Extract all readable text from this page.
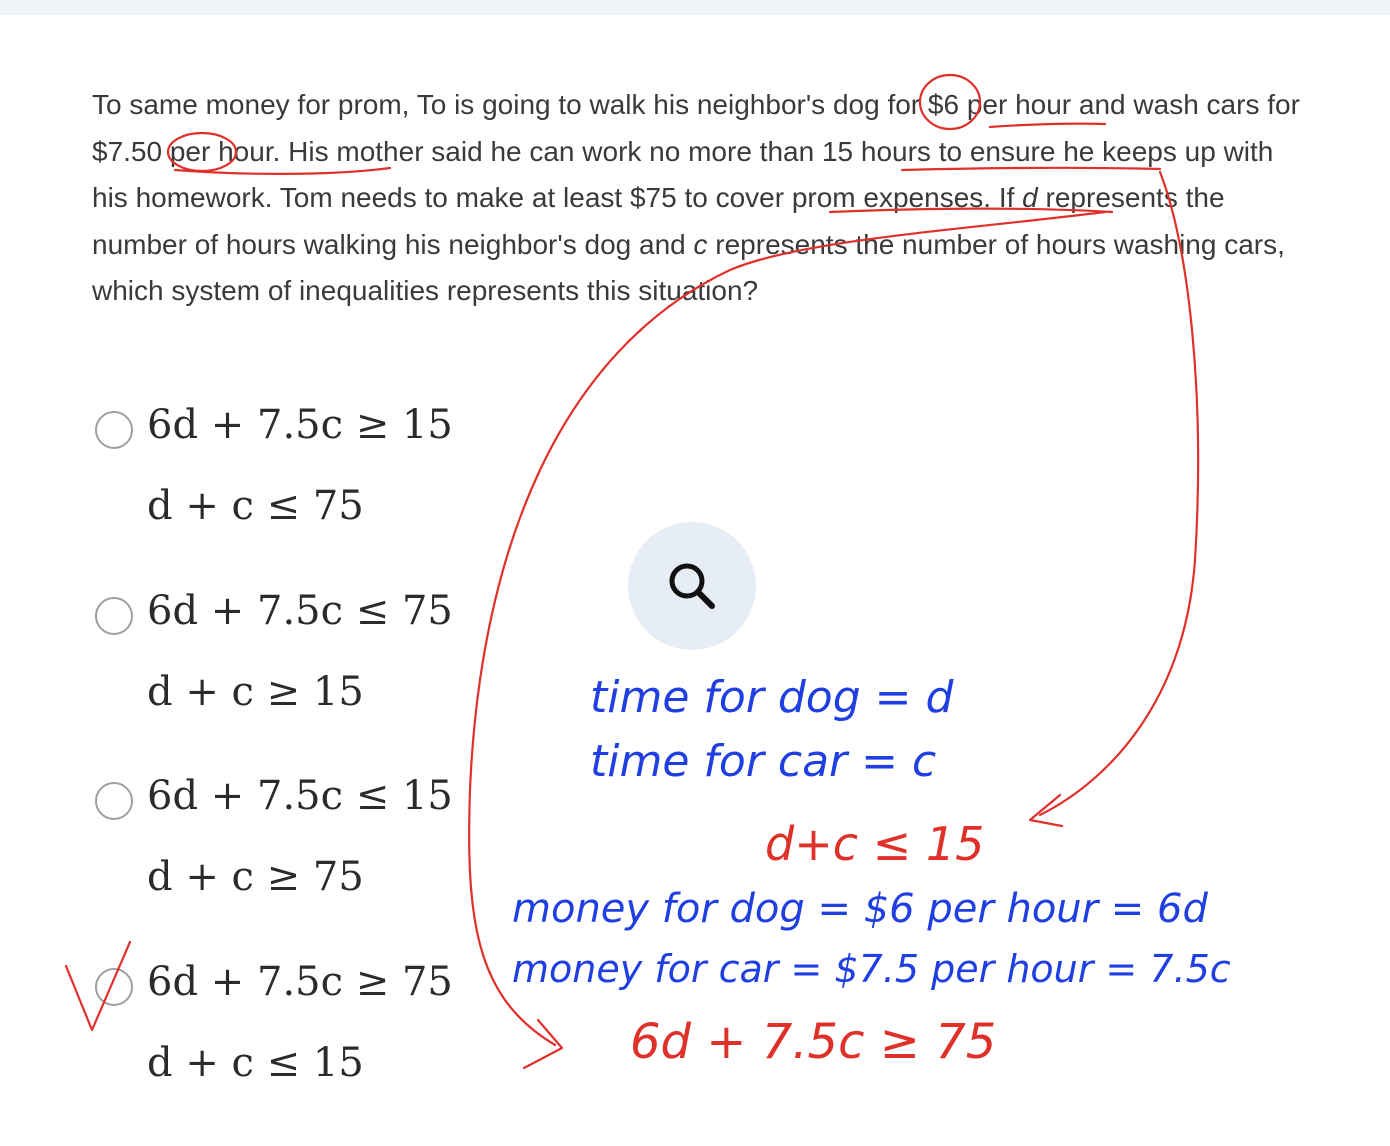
To same money for prom, To is going to walk his neighbor's dog for $6 per hour and wash cars for $7.50 per hour. His mother said he can work no more than 15 hours to ensure he keeps up with his homework. Tom needs to make at least $75 to cover prom expenses. If d represents the number of hours walking his neighbor's dog and c represents the number of hours washing cars, which system of inequalities represents this situation?

6d + 7.5c ≥ 15
d + c ≤ 75
6d + 7.5c ≤ 75
d + c ≥ 15
6d + 7.5c ≤ 15
d + c ≥ 75
6d + 7.5c ≥ 75
d + c ≤ 15
time for dog = d
time for car = c
d+c ≤ 15
money for dog = $6 per hour = 6d
money for car = $7.5 per hour = 7.5c
6d + 7.5c ≥ 75
